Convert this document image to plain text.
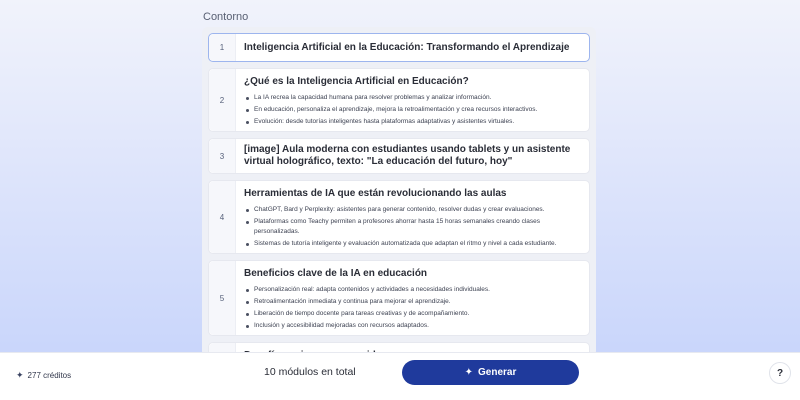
Contorno
1	Inteligencia Artificial en la Educación: Transformando el Aprendizaje
2
¿Qué es la Inteligencia Artificial en Educación?
La IA recrea la capacidad humana para resolver problemas y analizar información.
En educación, personaliza el aprendizaje, mejora la retroalimentación y crea recursos interactivos.
Evolución: desde tutorías inteligentes hasta plataformas adaptativas y asistentes virtuales.
3
[image] Aula moderna con estudiantes usando tablets y un asistente virtual holográfico, texto: "La educación del futuro, hoy"
4
Herramientas de IA que están revolucionando las aulas
ChatGPT, Bard y Perplexity: asistentes para generar contenido, resolver dudas y crear evaluaciones.
Plataformas como Teachy permiten a profesores ahorrar hasta 15 horas semanales creando clases personalizadas.
Sistemas de tutoría inteligente y evaluación automatizada que adaptan el ritmo y nivel a cada estudiante.
5
Beneficios clave de la IA en educación
Personalización real: adapta contenidos y actividades a necesidades individuales.
Retroalimentación inmediata y continua para mejorar el aprendizaje.
Liberación de tiempo docente para tareas creativas y de acompañamiento.
Inclusión y accesibilidad mejoradas con recursos adaptados.
✦ 277 créditos	10 módulos en total	✦ Generar	?
